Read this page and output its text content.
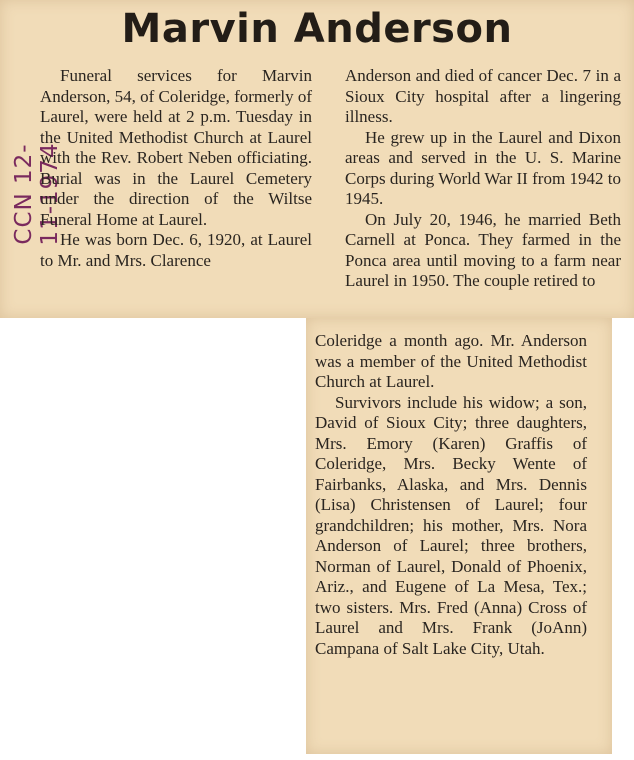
Marvin Anderson
CCN 12-11-1974

Funeral services for Marvin Anderson, 54, of Coleridge, formerly of Laurel, were held at 2 p.m. Tuesday in the United Methodist Church at Laurel with the Rev. Robert Neben officiating. Burial was in the Laurel Cemetery under the direction of the Wiltse Funeral Home at Laurel.

He was born Dec. 6, 1920, at Laurel to Mr. and Mrs. Clarence

Anderson and died of cancer Dec. 7 in a Sioux City hospital after a lingering illness.

He grew up in the Laurel and Dixon areas and served in the U. S. Marine Corps during World War II from 1942 to 1945.

On July 20, 1946, he married Beth Carnell at Ponca. They farmed in the Ponca area until moving to a farm near Laurel in 1950. The couple retired to

Coleridge a month ago. Mr. Anderson was a member of the United Methodist Church at Laurel.

Survivors include his widow; a son, David of Sioux City; three daughters, Mrs. Emory (Karen) Graffis of Coleridge, Mrs. Becky Wente of Fairbanks, Alaska, and Mrs. Dennis (Lisa) Christensen of Laurel; four grandchildren; his mother, Mrs. Nora Anderson of Laurel; three brothers, Norman of Laurel, Donald of Phoenix, Ariz., and Eugene of La Mesa, Tex.; two sisters. Mrs. Fred (Anna) Cross of Laurel and Mrs. Frank (JoAnn) Campana of Salt Lake City, Utah.
